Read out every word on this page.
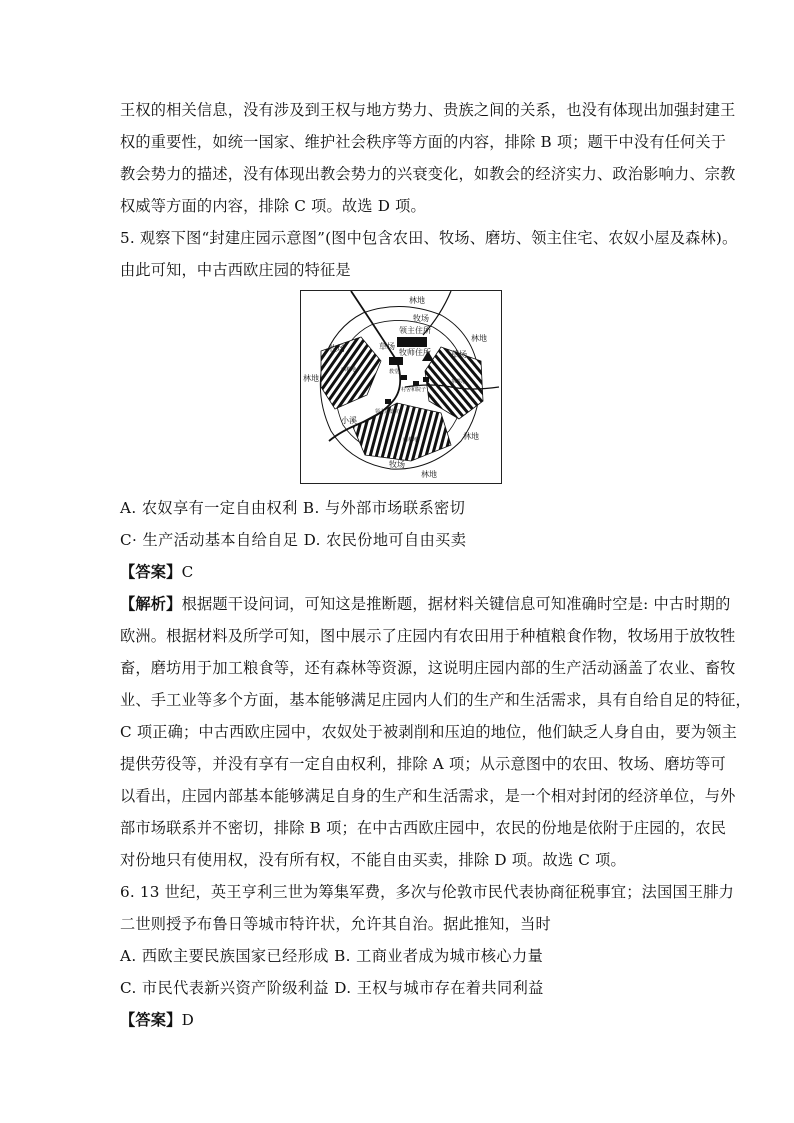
王权的相关信息，没有涉及到王权与地方势力、贵族之间的关系，也没有体现出加强封建王
权的重要性，如统一国家、维护社会秩序等方面的内容，排除 B 项；题干中没有任何关于
教会势力的描述，没有体现出教会势力的兴衰变化，如教会的经济实力、政治影响力、宗教
权威等方面的内容，排除 C 项。故选 D 项。
5. 观察下图“封建庄园示意图”(图中包含农田、牧场、磨坊、领主住宅、农奴小屋及森林)。
由此可知，中古西欧庄园的特征是
林地
林地
林地
林地
林地
牧场
牧场
牧场
草场
草场
领主住所
牧师住所
教堂
村舍和院子
领主的磨坊
小溪
西耕地
东耕地
南耕地
A. 农奴享有一定自由权利 B. 与外部市场联系密切
C· 生产活动基本自给自足 D. 农民份地可自由买卖
【答案】C
【解析】根据题干设问词，可知这是推断题，据材料关键信息可知准确时空是: 中古时期的
欧洲。根据材料及所学可知，图中展示了庄园内有农田用于种植粮食作物，牧场用于放牧牲
畜，磨坊用于加工粮食等，还有森林等资源，这说明庄园内部的生产活动涵盖了农业、畜牧
业、手工业等多个方面，基本能够满足庄园内人们的生产和生活需求，具有自给自足的特征，
C 项正确；中古西欧庄园中，农奴处于被剥削和压迫的地位，他们缺乏人身自由，要为领主
提供劳役等，并没有享有一定自由权利，排除 A 项；从示意图中的农田、牧场、磨坊等可
以看出，庄园内部基本能够满足自身的生产和生活需求，是一个相对封闭的经济单位，与外
部市场联系并不密切，排除 B 项；在中古西欧庄园中，农民的份地是依附于庄园的，农民
对份地只有使用权，没有所有权，不能自由买卖，排除 D 项。故选 C 项。
6. 13 世纪，英王亨利三世为筹集军费，多次与伦敦市民代表协商征税事宜；法国国王腓力
二世则授予布鲁日等城市特许状，允许其自治。据此推知，当时
A. 西欧主要民族国家已经形成 B. 工商业者成为城市核心力量
C. 市民代表新兴资产阶级利益 D. 王权与城市存在着共同利益
【答案】D
